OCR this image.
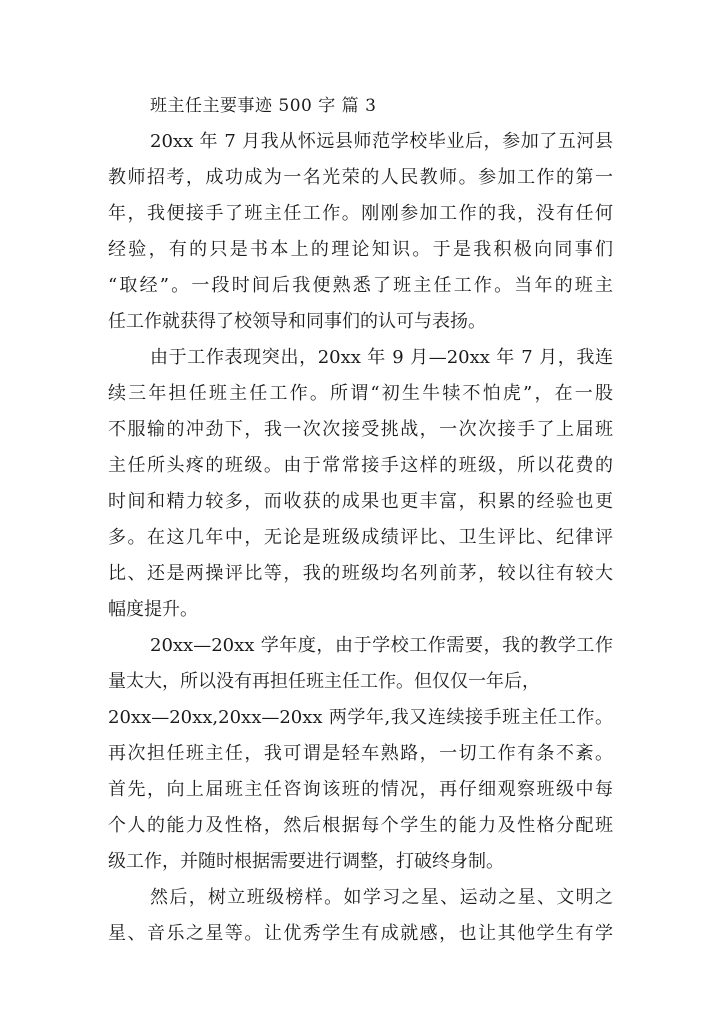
班主任主要事迹 500 字 篇 3
20xx 年 7 月我从怀远县师范学校毕业后，参加了五河县
教师招考，成功成为一名光荣的人民教师。参加工作的第一
年，我便接手了班主任工作。刚刚参加工作的我，没有任何
经验，有的只是书本上的理论知识。于是我积极向同事们
“取经”。一段时间后我便熟悉了班主任工作。当年的班主
任工作就获得了校领导和同事们的认可与表扬。
由于工作表现突出，20xx 年 9 月—20xx 年 7 月，我连
续三年担任班主任工作。所谓“初生牛犊不怕虎”，在一股
不服输的冲劲下，我一次次接受挑战，一次次接手了上届班
主任所头疼的班级。由于常常接手这样的班级，所以花费的
时间和精力较多，而收获的成果也更丰富，积累的经验也更
多。在这几年中，无论是班级成绩评比、卫生评比、纪律评
比、还是两操评比等，我的班级均名列前茅，较以往有较大
幅度提升。
20xx—20xx 学年度，由于学校工作需要，我的教学工作
量太大，所以没有再担任班主任工作。但仅仅一年后，
20xx—20xx,20xx—20xx 两学年,我又连续接手班主任工作。
再次担任班主任，我可谓是轻车熟路，一切工作有条不紊。
首先，向上届班主任咨询该班的情况，再仔细观察班级中每
个人的能力及性格，然后根据每个学生的能力及性格分配班
级工作，并随时根据需要进行调整，打破终身制。
然后，树立班级榜样。如学习之星、运动之星、文明之
星、音乐之星等。让优秀学生有成就感，也让其他学生有学
